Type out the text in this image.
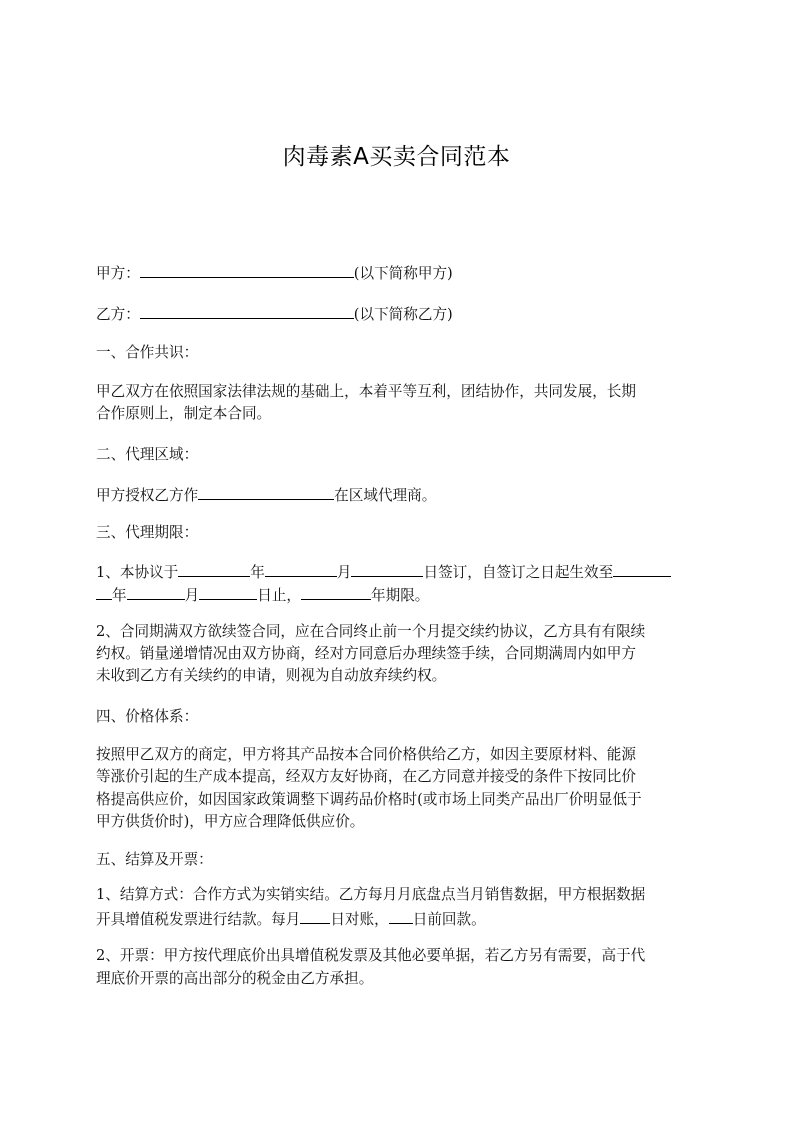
肉毒素A买卖合同范本
甲方：	(以下简称甲方)
乙方：	(以下简称乙方)
一、合作共识：
甲乙双方在依照国家法律法规的基础上，本着平等互利，团结协作，共同发展，长期
合作原则上，制定本合同。
二、代理区域：
甲方授权乙方作	在区域代理商。
三、代理期限：
1、本协议于	年	月	日签订，自签订之日起生效至
年	月	日止，	年期限。
2、合同期满双方欲续签合同，应在合同终止前一个月提交续约协议，乙方具有有限续
约权。销量递增情况由双方协商，经对方同意后办理续签手续，合同期满周内如甲方
未收到乙方有关续约的申请，则视为自动放弃续约权。
四、价格体系：
按照甲乙双方的商定，甲方将其产品按本合同价格供给乙方，如因主要原材料、能源
等涨价引起的生产成本提高，经双方友好协商，在乙方同意并接受的条件下按同比价
格提高供应价，如因国家政策调整下调药品价格时(或市场上同类产品出厂价明显低于
甲方供货价时)，甲方应合理降低供应价。
五、结算及开票：
1、结算方式：合作方式为实销实结。乙方每月月底盘点当月销售数据，甲方根据数据
开具增值税发票进行结款。每月 日对账， 日前回款。
2、开票：甲方按代理底价出具增值税发票及其他必要单据，若乙方另有需要，高于代
理底价开票的高出部分的税金由乙方承担。
